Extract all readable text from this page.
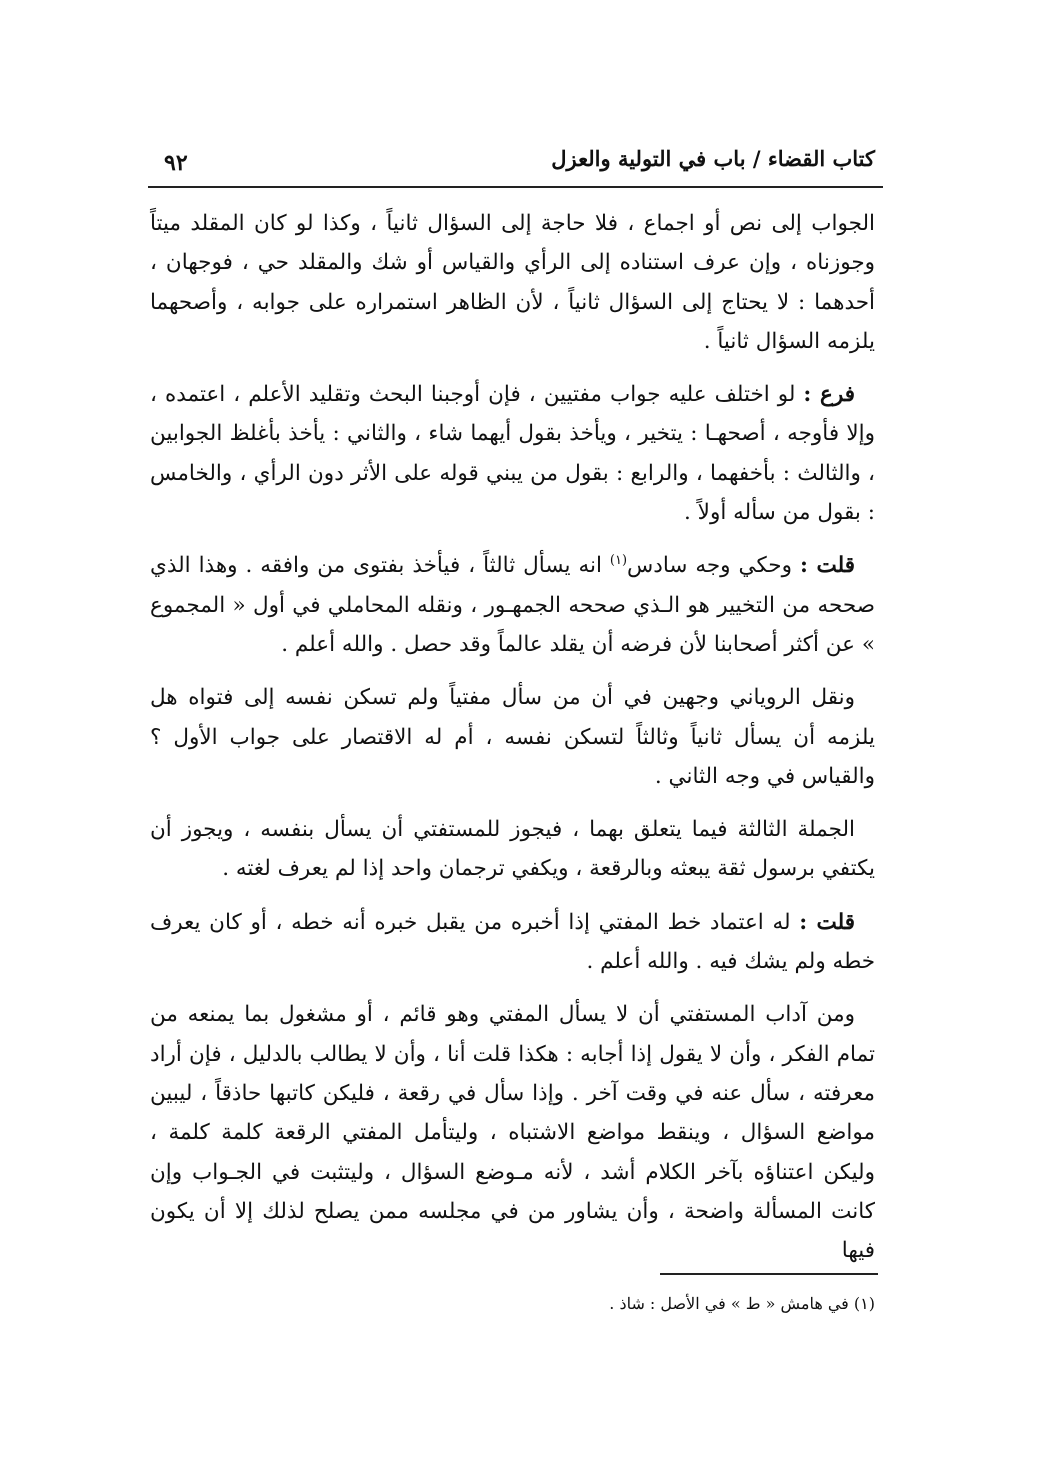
كتاب القضاء / باب في التولية والعزل
٩٢

الجواب إلى نص أو اجماع ، فلا حاجة إلى السؤال ثانياً ، وكذا لو كان المقلد ميتاً وجوزناه ، وإن عرف استناده إلى الرأي والقياس أو شك والمقلد حي ، فوجهان ، أحدهما : لا يحتاج إلى السؤال ثانياً ، لأن الظاهر استمراره على جوابه ، وأصحهما يلزمه السؤال ثانياً .

فرع : لو اختلف عليه جواب مفتيين ، فإن أوجبنا البحث وتقليد الأعلم ، اعتمده ، وإلا فأوجه ، أصحهـا : يتخير ، ويأخذ بقول أيهما شاء ، والثاني : يأخذ بأغلظ الجوابين ، والثالث : بأخفهما ، والرابع : بقول من يبني قوله على الأثر دون الرأي ، والخامس : بقول من سأله أولاً .

قلت : وحكي وجه سادس$^{(١)}$ انه يسأل ثالثاً ، فيأخذ بفتوى من وافقه . وهذا الذي صححه من التخيير هو الـذي صححه الجمهـور ، ونقله المحاملي في أول « المجموع » عن أكثر أصحابنا لأن فرضه أن يقلد عالماً وقد حصل . والله أعلم .

ونقل الروياني وجهين في أن من سأل مفتياً ولم تسكن نفسه إلى فتواه هل يلزمه أن يسأل ثانياً وثالثاً لتسكن نفسه ، أم له الاقتصار على جواب الأول ؟ والقياس في وجه الثاني .

الجملة الثالثة فيما يتعلق بهما ، فيجوز للمستفتي أن يسأل بنفسه ، ويجوز أن يكتفي برسول ثقة يبعثه وبالرقعة ، ويكفي ترجمان واحد إذا لم يعرف لغته .

قلت : له اعتماد خط المفتي إذا أخبره من يقبل خبره أنه خطه ، أو كان يعرف خطه ولم يشك فيه . والله أعلم .

ومن آداب المستفتي أن لا يسأل المفتي وهو قائم ، أو مشغول بما يمنعه من تمام الفكر ، وأن لا يقول إذا أجابه : هكذا قلت أنا ، وأن لا يطالب بالدليل ، فإن أراد معرفته ، سأل عنه في وقت آخر . وإذا سأل في رقعة ، فليكن كاتبها حاذقاً ، ليبين مواضع السؤال ، وينقط مواضع الاشتباه ، وليتأمل المفتي الرقعة كلمة كلمة ، وليكن اعتناؤه بآخر الكلام أشد ، لأنه مـوضع السؤال ، وليتثبت في الجـواب وإن كانت المسألة واضحة ، وأن يشاور من في مجلسه ممن يصلح لذلك إلا أن يكون فيها

(١) في هامش « ط » في الأصل : شاذ .
